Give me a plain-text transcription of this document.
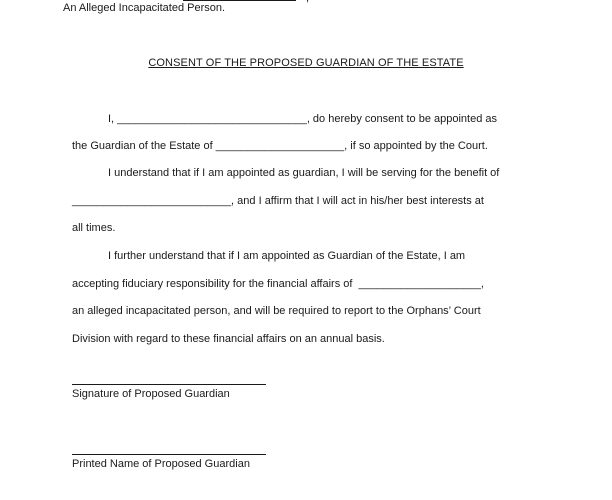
An Alleged Incapacitated Person.
CONSENT OF THE PROPOSED GUARDIAN OF THE ESTATE
I, _______________________________, do hereby consent to be appointed as
the Guardian of the Estate of _____________________, if so appointed by the Court.
I understand that if I am appointed as guardian, I will be serving for the benefit of
__________________________, and I affirm that I will act in his/her best interests at
all times.
I further understand that if I am appointed as Guardian of the Estate, I am
accepting fiduciary responsibility for the financial affairs of  ____________________,
an alleged incapacitated person, and will be required to report to the Orphans’ Court
Division with regard to these financial affairs on an annual basis.
Signature of Proposed Guardian
Printed Name of Proposed Guardian
